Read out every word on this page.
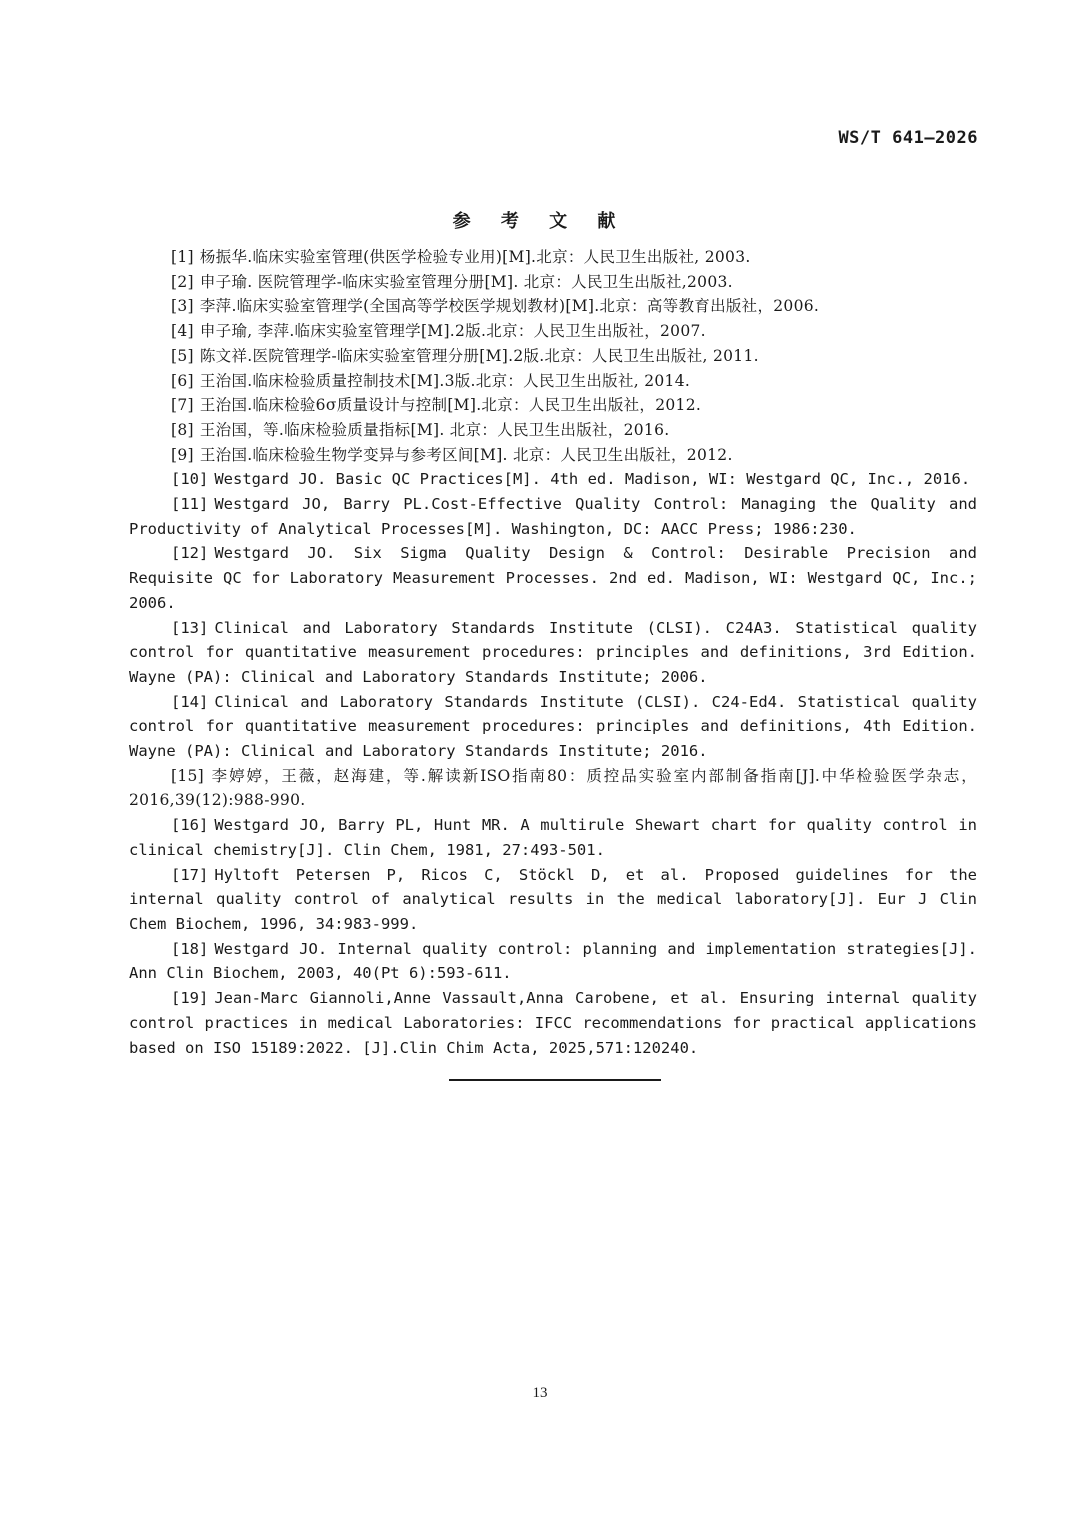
WS/T 641—2026
参 考 文 献
[1] 杨振华.临床实验室管理(供医学检验专业用)[M].北京：人民卫生出版社, 2003.
[2] 申子瑜. 医院管理学-临床实验室管理分册[M]. 北京：人民卫生出版社,2003.
[3] 李萍.临床实验室管理学(全国高等学校医学规划教材)[M].北京：高等教育出版社，2006.
[4] 申子瑜, 李萍.临床实验室管理学[M].2版.北京：人民卫生出版社，2007.
[5] 陈文祥.医院管理学-临床实验室管理分册[M].2版.北京：人民卫生出版社, 2011.
[6] 王治国.临床检验质量控制技术[M].3版.北京：人民卫生出版社, 2014.
[7] 王治国.临床检验6σ质量设计与控制[M].北京：人民卫生出版社，2012.
[8] 王治国，等.临床检验质量指标[M]. 北京：人民卫生出版社，2016.
[9] 王治国.临床检验生物学变异与参考区间[M]. 北京：人民卫生出版社，2012.
[10] Westgard JO. Basic QC Practices[M]. 4th ed. Madison, WI: Westgard QC, Inc., 2016.
[11] Westgard JO, Barry PL.Cost-Effective Quality Control: Managing the Quality and Productivity of Analytical Processes[M]. Washington, DC: AACC Press; 1986:230.
[12] Westgard JO. Six Sigma Quality Design & Control: Desirable Precision and Requisite QC for Laboratory Measurement Processes. 2nd ed. Madison, WI: Westgard QC, Inc.; 2006.
[13] Clinical and Laboratory Standards Institute (CLSI). C24A3. Statistical quality control for quantitative measurement procedures: principles and definitions, 3rd Edition. Wayne (PA): Clinical and Laboratory Standards Institute; 2006.
[14] Clinical and Laboratory Standards Institute (CLSI). C24-Ed4. Statistical quality control for quantitative measurement procedures: principles and definitions, 4th Edition. Wayne (PA): Clinical and Laboratory Standards Institute; 2016.
[15] 李婷婷，王薇，赵海建，等.解读新ISO指南80：质控品实验室内部制备指南[J].中华检验医学杂志，2016,39(12):988-990.
[16] Westgard JO, Barry PL, Hunt MR. A multirule Shewart chart for quality control in clinical chemistry[J]. Clin Chem, 1981, 27:493-501.
[17] Hyltoft Petersen P, Ricos C, Stöckl D, et al. Proposed guidelines for the internal quality control of analytical results in the medical laboratory[J]. Eur J Clin Chem Biochem, 1996, 34:983-999.
[18] Westgard JO. Internal quality control: planning and implementation strategies[J]. Ann Clin Biochem, 2003, 40(Pt 6):593-611.
[19] Jean-Marc Giannoli,Anne Vassault,Anna Carobene, et al. Ensuring internal quality control practices in medical Laboratories: IFCC recommendations for practical applications based on ISO 15189:2022. [J].Clin Chim Acta, 2025,571:120240.
13
